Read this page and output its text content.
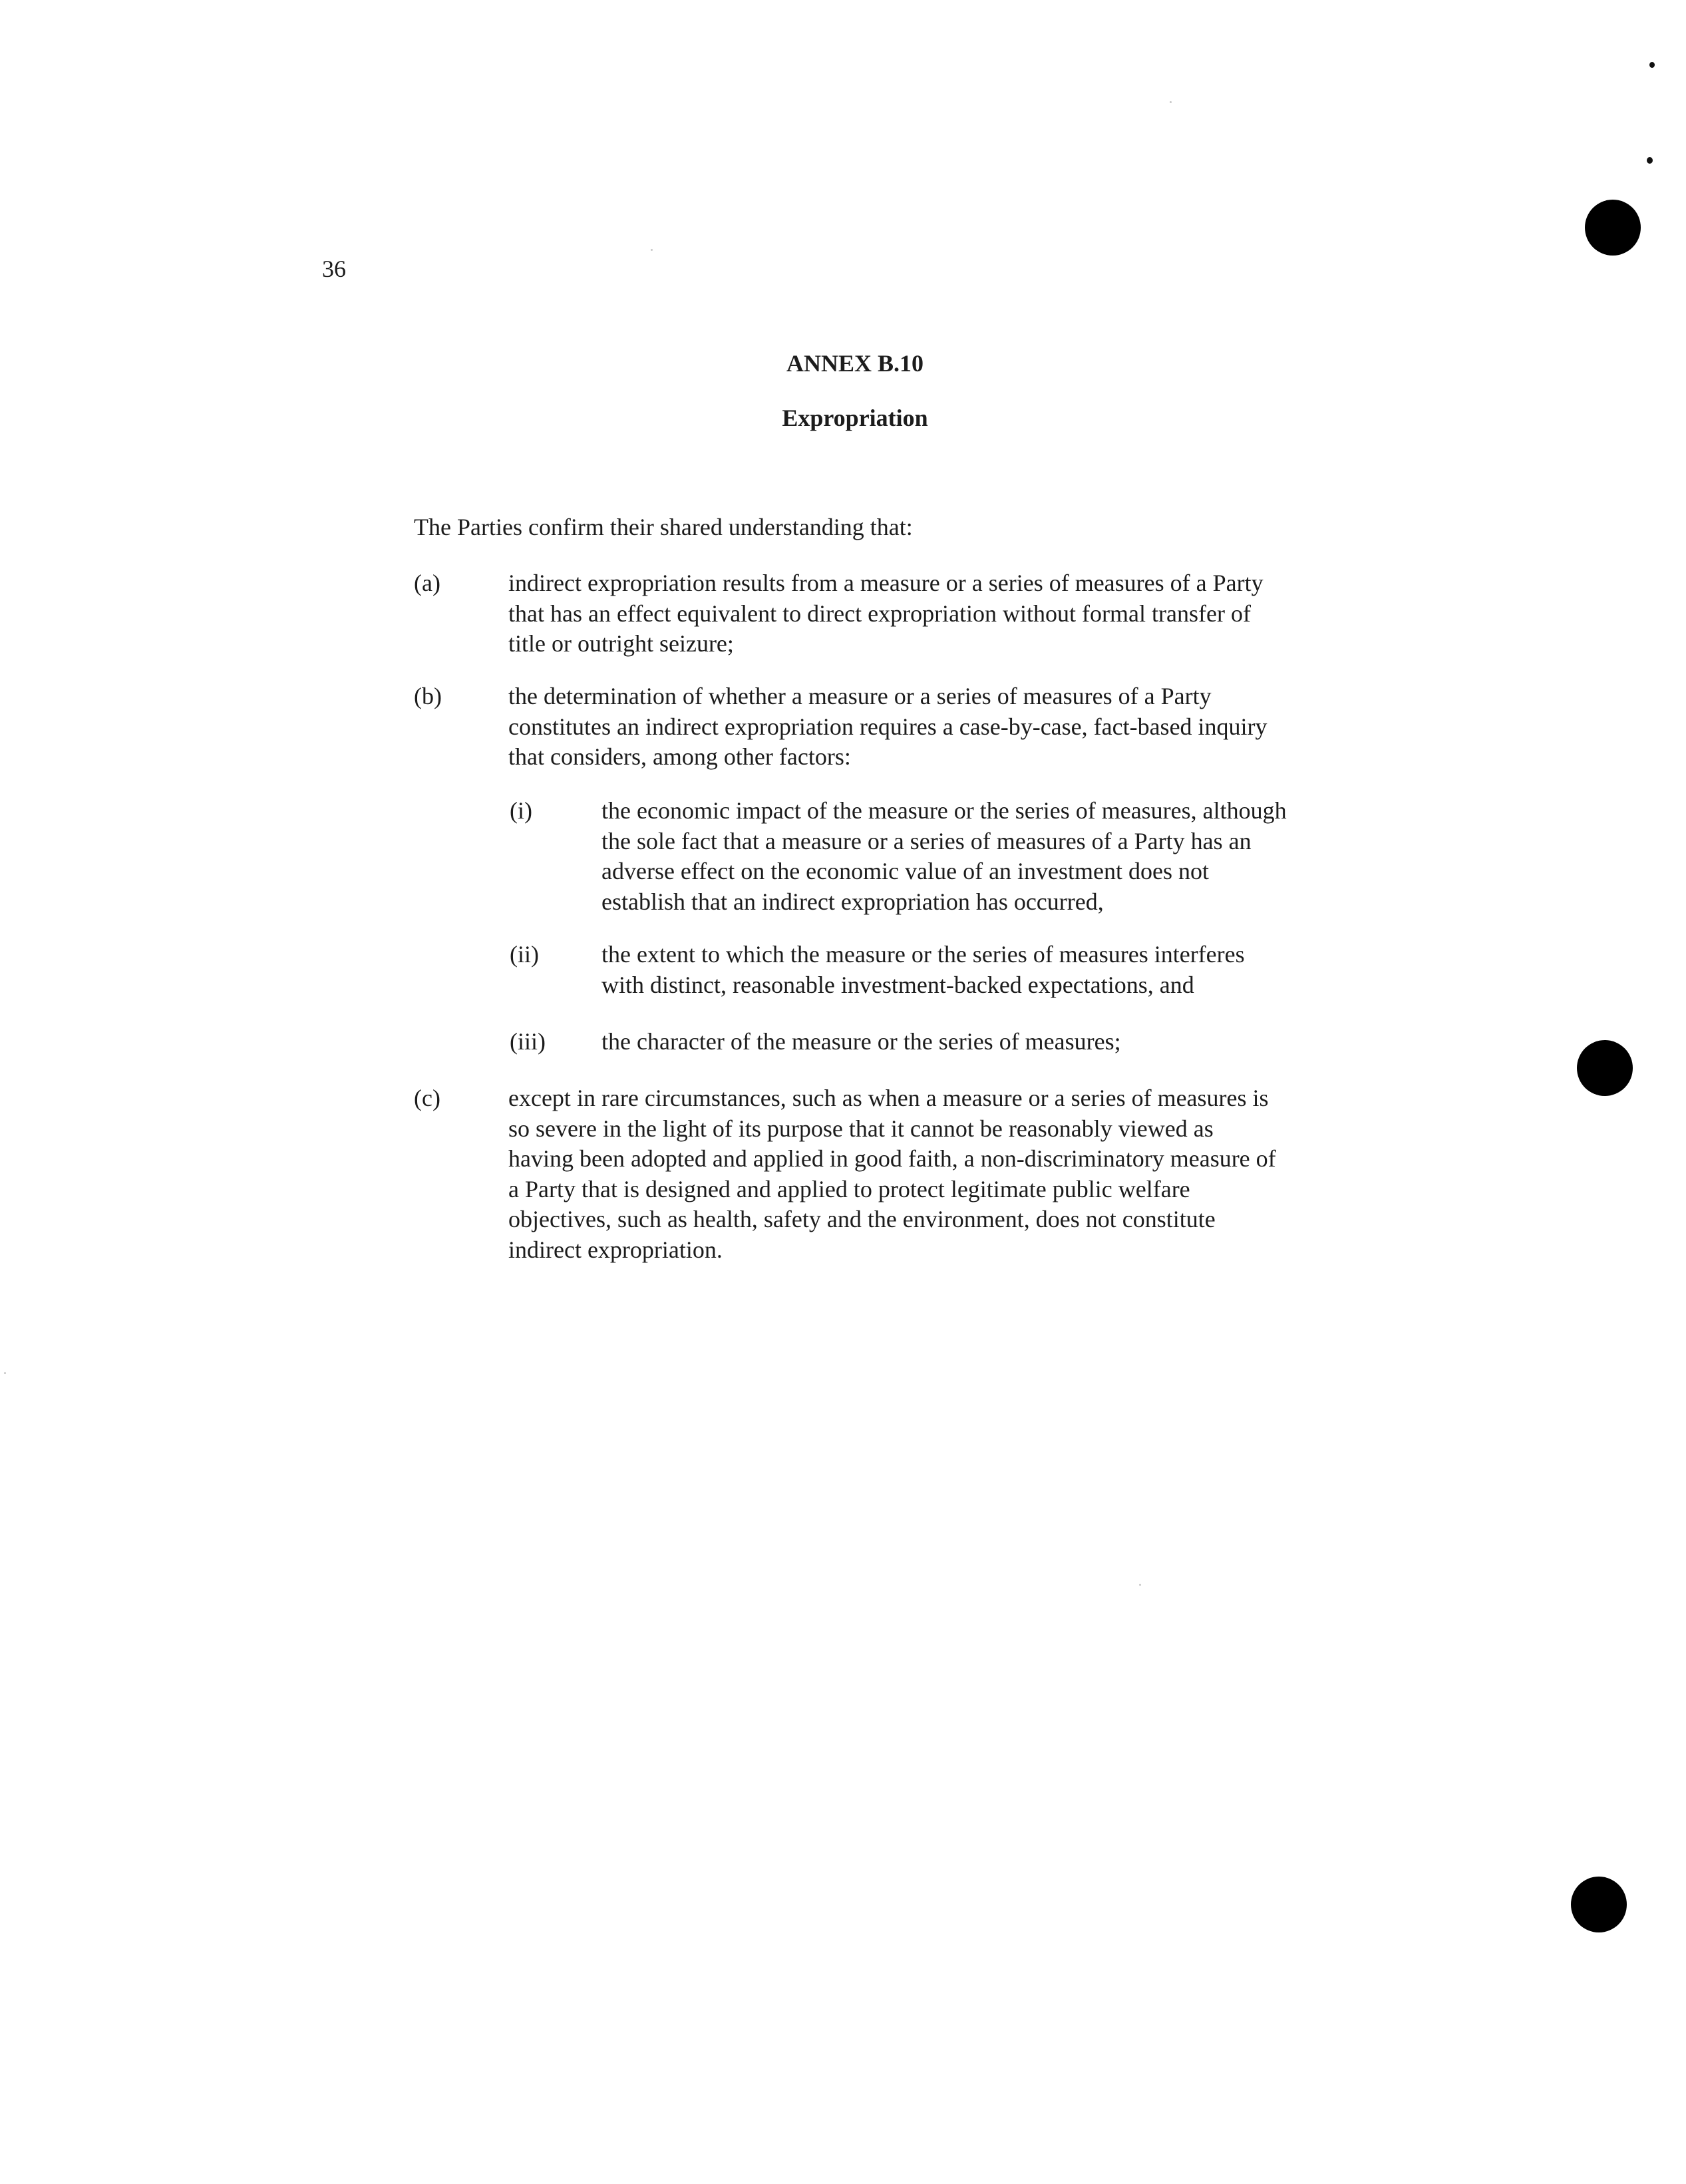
36
ANNEX B.10
Expropriation
The Parties confirm their shared understanding that:
(a)	indirect expropriation results from a measure or a series of measures of a Party
that has an effect equivalent to direct expropriation without formal transfer of
title or outright seizure;
(b)	the determination of whether a measure or a series of measures of a Party
constitutes an indirect expropriation requires a case-by-case, fact-based inquiry
that considers, among other factors:
(i)	the economic impact of the measure or the series of measures, although
the sole fact that a measure or a series of measures of a Party has an
adverse effect on the economic value of an investment does not
establish that an indirect expropriation has occurred,
(ii)	the extent to which the measure or the series of measures interferes
with distinct, reasonable investment-backed expectations, and
(iii) the character of the measure or the series of measures;
(c)	except in rare circumstances, such as when a measure or a series of measures is
so severe in the light of its purpose that it cannot be reasonably viewed as
having been adopted and applied in good faith, a non-discriminatory measure of
a Party that is designed and applied to protect legitimate public welfare
objectives, such as health, safety and the environment, does not constitute
indirect expropriation.
